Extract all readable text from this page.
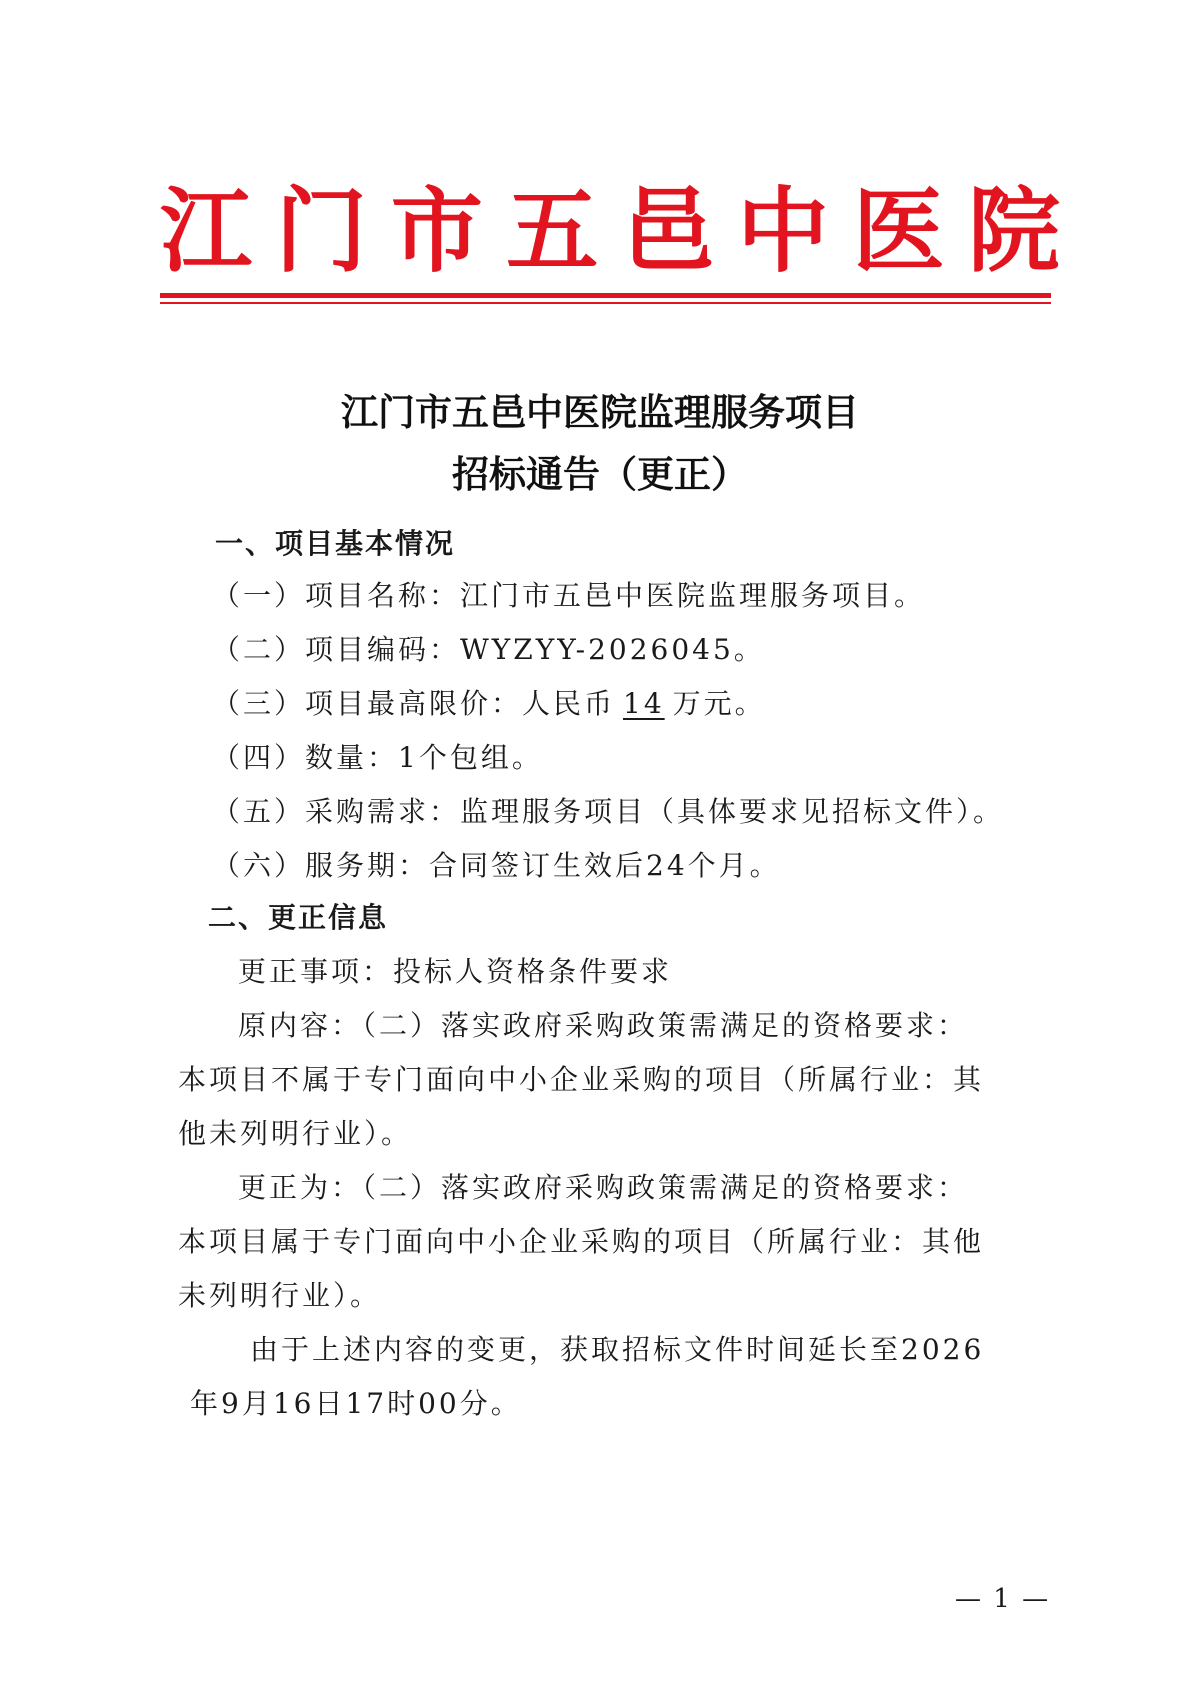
江 门 市 五 邑 中 医 院
江门市五邑中医院监理服务项目
招标通告（更正）
一、项目基本情况
（一）项目名称：江门市五邑中医院监理服务项目。
（二）项目编码：WYZYY-2026045。
（三）项目最高限价：人民币 14 万元。
（四）数量：1个包组。
（五）采购需求：监理服务项目（具体要求见招标文件）。
（六）服务期：合同签订生效后24个月。
二、更正信息
更正事项：投标人资格条件要求
原内容：（二）落实政府采购政策需满足的资格要求：
本项目不属于专门面向中小企业采购的项目（所属行业：其
他未列明行业）。
更正为：（二）落实政府采购政策需满足的资格要求：
本项目属于专门面向中小企业采购的项目（所属行业：其他
未列明行业）。
由于上述内容的变更，获取招标文件时间延长至2026
年9月16日17时00分。
— 1 —
